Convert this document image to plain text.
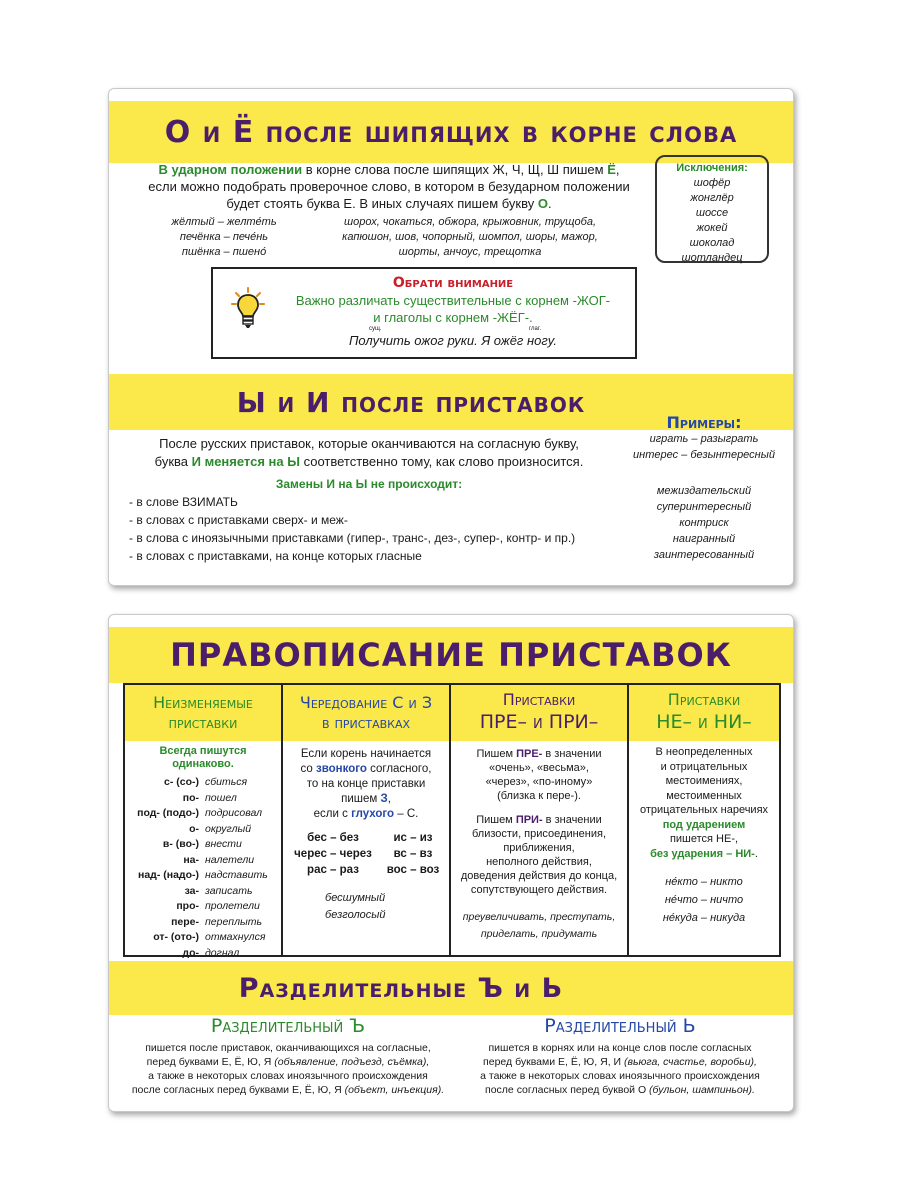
О и Ё после шипящих в корне слова
В ударном положении в корне слова после шипящих Ж, Ч, Щ, Ш пишем Ё,
если можно подобрать проверочное слово, в котором в безударном положении
будет стоять буква Е. В иных случаях пишем букву О.
жёлтый – желте́ть
печёнка – пече́нь
пшёнка – пшено́
шорох, чокаться, обжора, крыжовник, трущоба,
капюшон, шов, чопорный, шомпол, шоры, мажор,
шорты, анчоус, трещотка
Исключения:
шофёр
жонглёр
шоссе
жокей
шоколад
шотландец
Обрати внимание
Важно различать существительные с корнем -ЖОГ-
и глаголы с корнем -ЖЁГ-.
сущ.	глаг.
Получить ожог руки. Я ожёг ногу.
Ы и И после приставок
После русских приставок, которые оканчиваются на согласную букву,
буква И меняется на Ы соответственно тому, как слово произносится.
Замены И на Ы не происходит:
- в слове ВЗИМАТЬ
- в словах с приставками сверх- и меж-
- в слова с иноязычными приставками (гипер-, транс-, дез-, супер-, контр- и пр.)
- в словах с приставками, на конце которых гласные
Примеры:
играть – разыграть
интерес – безынтересный
межиздательский
суперинтересный
контриск
наигранный
заинтересованный
ПРАВОПИСАНИЕ ПРИСТАВОК
Неизменяемые
приставки
Всегда пишутся
одинаково.
с- (со-) сбиться
по- пошел
под- (подо-) подрисовал
о- округлый
в- (во-) внести
на- налетели
над- (надо-) надставить
за- записать
про- пролетели
пере- переплыть
от- (ото-) отмахнулся
до- догнал
Чередование С и З
в приставках
Если корень начинается
со звонкого согласного,
то на конце приставки
пишем З,
если с глухого – С.
бес – без	ис – из
черес – через	вс – вз
рас – раз	вос – воз
бесшумный
безголосый
Приставки
ПРЕ– и ПРИ–
Пишем ПРЕ- в значении
«очень», «весьма»,
«через», «по-иному»
(близка к пере-).
Пишем ПРИ- в значении
близости, присоединения,
приближения,
неполного действия,
доведения действия до конца,
сопутствующего действия.
преувеличивать, преступать,
приделать, придумать
Приставки
НЕ– и НИ–
В неопределенных
и отрицательных
местоимениях,
местоименных
отрицательных наречиях
под ударением
пишется НЕ-,
без ударения – НИ-.
не́кто – никто
не́что – ничто
не́куда – никуда
Разделительные Ъ и Ь
Разделительный Ъ
пишется после приставок, оканчивающихся на согласные,
перед буквами Е, Ё, Ю, Я (объявление, подъезд, съёмка),
а также в некоторых словах иноязычного происхождения
после согласных перед буквами Е, Ё, Ю, Я (объект, инъекция).
Разделительный Ь
пишется в корнях или на конце слов после согласных
перед буквами Е, Ё, Ю, Я, И (вьюга, счастье, воробьи),
а также в некоторых словах иноязычного происхождения
после согласных перед буквой О (бульон, шампиньон).
